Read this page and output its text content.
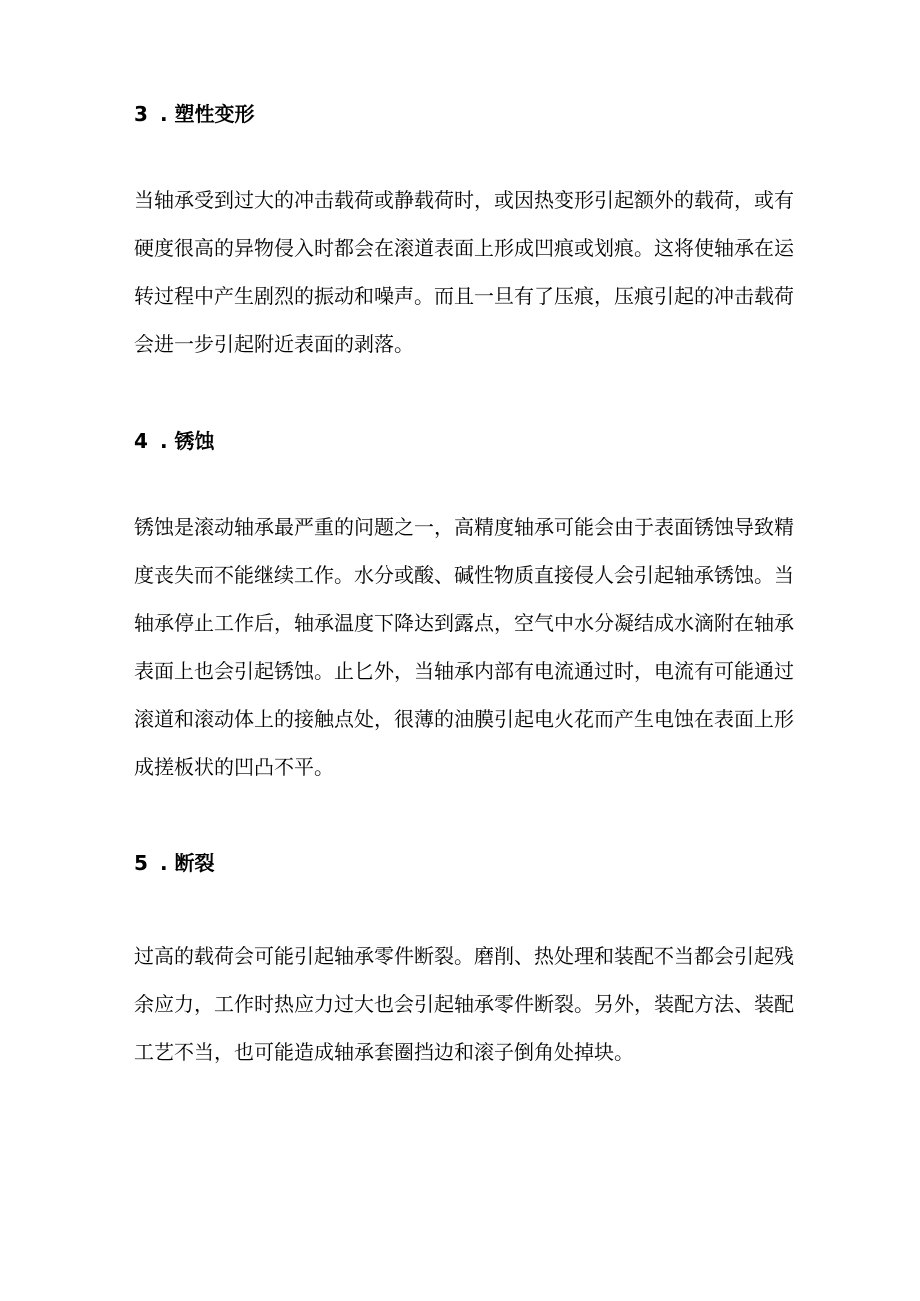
3 . 塑性变形
当轴承受到过大的冲击载荷或静载荷时，或因热变形引起额外的载荷，或有
硬度很高的异物侵入时都会在滚道表面上形成凹痕或划痕。这将使轴承在运
转过程中产生剧烈的振动和噪声。而且一旦有了压痕，压痕引起的冲击载荷
会进一步引起附近表面的剥落。
4 . 锈蚀
锈蚀是滚动轴承最严重的问题之一，高精度轴承可能会由于表面锈蚀导致精
度丧失而不能继续工作。水分或酸、碱性物质直接侵人会引起轴承锈蚀。当
轴承停止工作后，轴承温度下降达到露点，空气中水分凝结成水滴附在轴承
表面上也会引起锈蚀。止匕外，当轴承内部有电流通过时，电流有可能通过
滚道和滚动体上的接触点处，很薄的油膜引起电火花而产生电蚀在表面上形
成搓板状的凹凸不平。
5 . 断裂
过高的载荷会可能引起轴承零件断裂。磨削、热处理和装配不当都会引起残
余应力，工作时热应力过大也会引起轴承零件断裂。另外，装配方法、装配
工艺不当，也可能造成轴承套圈挡边和滚子倒角处掉块。
